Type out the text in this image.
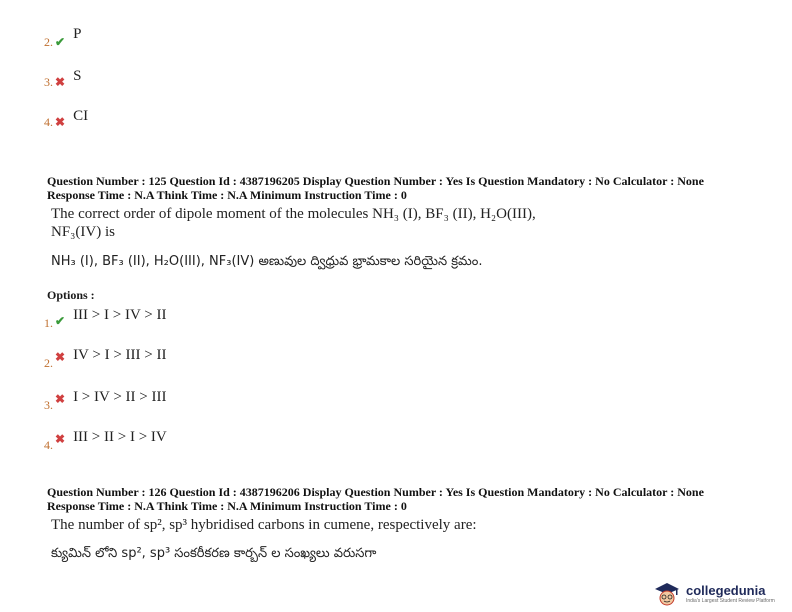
2. ✔ P
3. ✖ S
4. ✖ CI
Question Number : 125 Question Id : 4387196205 Display Question Number : Yes Is Question Mandatory : No Calculator : None
Response Time : N.A Think Time : N.A Minimum Instruction Time : 0
The correct order of dipole moment of the molecules NH₃ (I), BF₃ (II), H₂O(III),
NF₃(IV) is
NH₃ (I), BF₃ (II), H₂O(III), NF₃(IV) అణువుల ద్విధ్రువ భ్రామకాల సరియైన క్రమం.
Options :
$_{1.}$ $_✔$ III > I > IV > II
$_{2.}$ ✖ IV > I > III > II
$_{3.}$ ✖ I > IV > II > III
$_{4.}$ ✖ III > II > I > IV
Question Number : 126 Question Id : 4387196206 Display Question Number : Yes Is Question Mandatory : No Calculator : None
Response Time : N.A Think Time : N.A Minimum Instruction Time : 0
The number of sp², sp³ hybridised carbons in cumene, respectively are:
క్యుమిన్ లోని sp², sp³ సంకరీకరణ కార్బన్ ల సంఖ్యలు వరుసగా
collegedunia
India's Largest Student Review Platform
